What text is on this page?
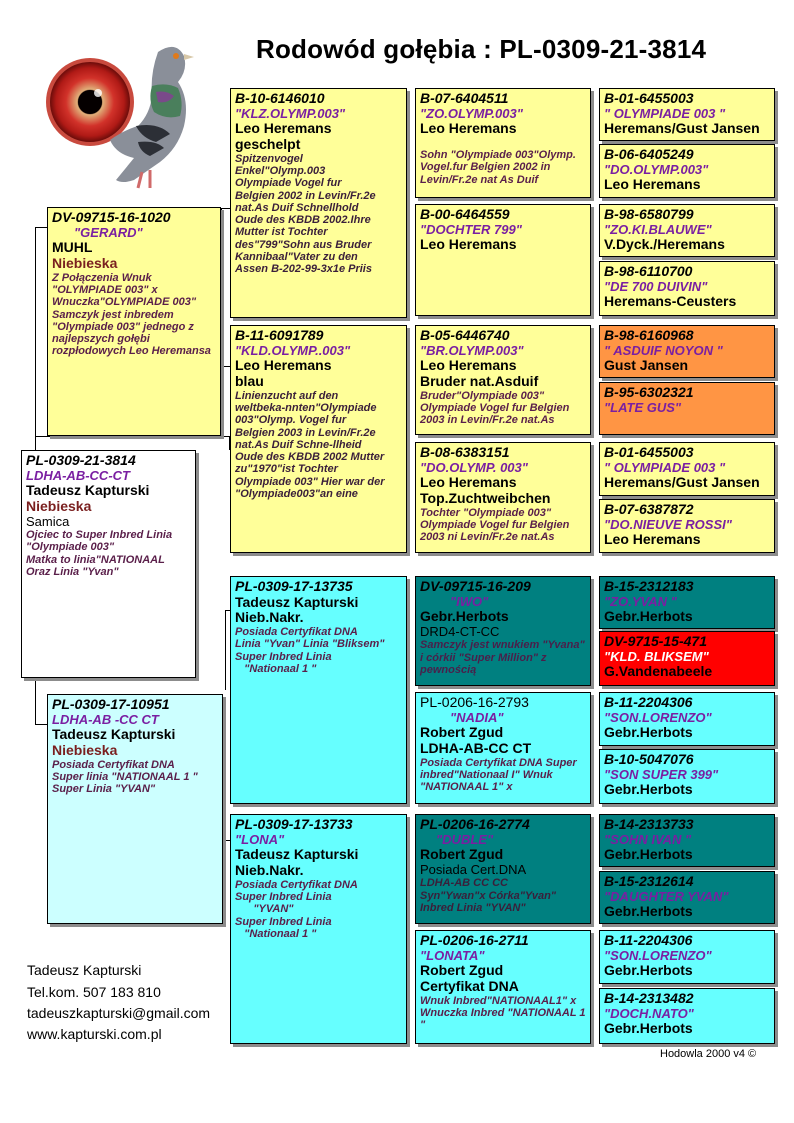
Rodowód gołębia : PL-0309-21-3814
PL-0309-21-3814
LDHA-AB-CC-CT
Tadeusz Kapturski
Niebieska
Samica
Ojciec to Super Inbred Linia
"Olympiade 003"
Matka to linia"NATIONAAL
Oraz Linia "Yvan"
DV-09715-16-1020
"GERARD"
MUHL
Niebieska
Z Połączenia Wnuk "OLYMPIADE 003" x Wnuczka"OLYMPIADE 003" Samczyk jest inbredem "Olympiade 003" jednego z najlepszych gołębi rozpłodowych Leo Heremansa
PL-0309-17-10951
LDHA-AB -CC CT
Tadeusz Kapturski
Niebieska
Posiada Certyfikat DNA
Super linia "NATIONAAL 1 "
Super Linia "YVAN"
B-10-6146010
"KLZ.OLYMP.003"
Leo Heremans
geschelpt
Spitzenvogel Enkel"Olymp.003 Olympiade Vogel fur Belgien 2002 in Levin/Fr.2e nat.As Duif Schnellhold Oude des KBDB 2002.Ihre Mutter ist Tochter des"799"Sohn aus Bruder Kannibaal"Vater zu den Assen B-202-99-3x1e Priis
B-11-6091789
"KLD.OLYMP..003"
Leo Heremans
blau
Linienzucht auf den weltbeka-nnten"Olympiade 003"Olymp. Vogel fur Belgien 2003 in Levin/Fr.2e nat.As Duif Schne-llheid Oude des KBDB 2002 Mutter zu"1970"ist Tochter Olympiade 003" Hier war der "Olympiade003"an eine
PL-0309-17-13735
Tadeusz Kapturski
Nieb.Nakr.
Posiada Certyfikat DNA
Linia "Yvan" Linia "Bliksem"
Super Inbred Linia
"Nationaal 1 "
PL-0309-17-13733
"LONA"
Tadeusz Kapturski
Nieb.Nakr.
Posiada Certyfikat DNA
Super Inbred Linia
"YVAN"
Super Inbred Linia
"Nationaal 1 "
B-07-6404511
"ZO.OLYMP.003"
Leo Heremans
Sohn "Olympiade 003"Olymp. Vogel.fur Belgien 2002 in Levin/Fr.2e nat As Duif
B-00-6464559
"DOCHTER 799"
Leo Heremans
B-05-6446740
"BR.OLYMP.003"
Leo Heremans
Bruder nat.Asduif
Bruder"Olympiade 003" Olympiade Vogel fur Belgien 2003 in Levin/Fr.2e nat.As
B-08-6383151
"DO.OLYMP. 003"
Leo Heremans
Top.Zuchtweibchen
Tochter "Olympiade 003" Olympiade Vogel fur Belgien 2003 ni Levin/Fr.2e nat.As
DV-09715-16-209
"IWO"
Gebr.Herbots
DRD4-CT-CC
Samczyk jest wnukiem "Yvana" i córkii "Super Million" z pewnością
PL-0206-16-2793
"NADIA"
Robert Zgud
LDHA-AB-CC CT
Posiada Certyfikat DNA Super inbred"Nationaal I" Wnuk "NATIONAAL 1" x
PL-0206-16-2774
"DUBLE"
Robert Zgud
Posiada Cert.DNA
LDHA-AB CC CC Syn"Ywan"x Córka"Yvan" Inbred Linia "YVAN"
PL-0206-16-2711
"LONATA"
Robert Zgud
Certyfikat DNA
Wnuk Inbred"NATIONAAL1" x Wnuczka Inbred "NATIONAAL 1 "
B-01-6455003
" OLYMPIADE 003 "
Heremans/Gust Jansen
B-06-6405249
"DO.OLYMP.003"
Leo Heremans
B-98-6580799
"ZO.KI.BLAUWE"
V.Dyck./Heremans
B-98-6110700
"DE 700 DUIVIN"
Heremans-Ceusters
B-98-6160968
" ASDUIF NOYON "
Gust Jansen
B-95-6302321
"LATE GUS"
B-01-6455003
" OLYMPIADE 003 "
Heremans/Gust Jansen
B-07-6387872
"DO.NIEUVE ROSSI"
Leo Heremans
B-15-2312183
"ZO.YVAN "
Gebr.Herbots
DV-9715-15-471
"KLD. BLIKSEM"
G.Vandenabeele
B-11-2204306
"SON.LORENZO"
Gebr.Herbots
B-10-5047076
"SON SUPER 399"
Gebr.Herbots
B-14-2313733
"SOHN IVAN "
Gebr.Herbots
B-15-2312614
"DAUGHTER YVAN"
Gebr.Herbots
B-11-2204306
"SON.LORENZO"
Gebr.Herbots
B-14-2313482
"DOCH.NATO"
Gebr.Herbots
Tadeusz Kapturski
Tel.kom. 507 183 810
tadeuszkapturski@gmail.com
www.kapturski.com.pl
Hodowla 2000 v4 ©
